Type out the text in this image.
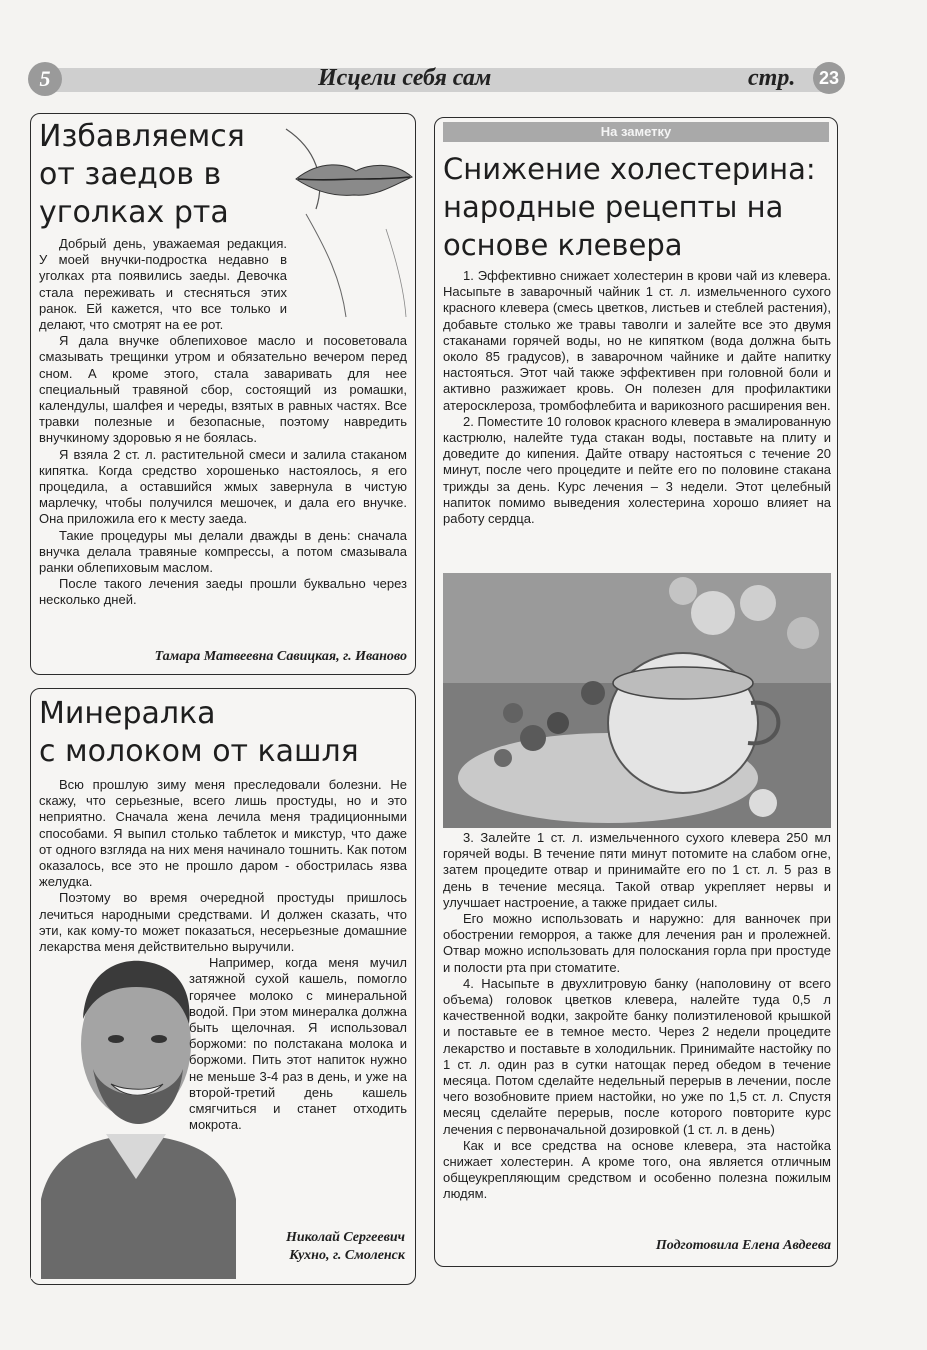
5	Исцели себя сам	стр.	23
Избавляемся
от заедов в
уголках рта

Добрый день, уважаемая редакция. У моей внучки-подростка недавно в уголках рта появились заеды. Девочка стала переживать и стесняться этих ранок. Ей кажется, что все только и делают, что смотрят на ее рот.

Я дала внучке облепиховое масло и посоветовала смазывать трещинки утром и обязательно вечером перед сном. А кроме этого, стала заваривать для нее специальный травяной сбор, состоящий из ромашки, календулы, шалфея и череды, взятых в равных частях. Все травки полезные и безопасные, поэтому навредить внучкиному здоровью я не боялась.

Я взяла 2 ст. л. растительной смеси и залила стаканом кипятка. Когда средство хорошенько настоялось, я его процедила, а оставшийся жмых завернула в чистую марлечку, чтобы получился мешочек, и дала его внучке. Она приложила его к месту заеда.

Такие процедуры мы делали дважды в день: сначала внучка делала травяные компрессы, а потом смазывала ранки облепиховым маслом.

После такого лечения заеды прошли буквально через несколько дней.

Тамара Матвеевна Савицкая, г. Иваново
Минералка
с молоком от кашля

Всю прошлую зиму меня преследовали болезни. Не скажу, что серьезные, всего лишь простуды, но и это неприятно. Сначала жена лечила меня традиционными способами. Я выпил столько таблеток и микстур, что даже от одного взгляда на них меня начинало тошнить. Как потом оказалось, все это не прошло даром - обострилась язва желудка.

Поэтому во время очередной простуды пришлось лечиться народными средствами. И должен сказать, что эти, как кому-то может показаться, несерьезные домашние лекарства меня действительно выручили.

Например, когда меня мучил затяжной сухой кашель, помогло горячее молоко с минеральной водой. При этом минералка должна быть щелочная. Я использовал боржоми: по полстакана молока и боржоми. Пить этот напиток нужно не меньше 3-4 раз в день, и уже на второй-третий день кашель смягчиться и станет отходить мокрота.

Николай Сергеевич
Кухно, г. Смоленск
На заметку
Снижение холестерина:
народные рецепты на
основе клевера

1. Эффективно снижает холестерин в крови чай из клевера. Насыпьте в заварочный чайник 1 ст. л. измельченного сухого красного клевера (смесь цветков, листьев и стеблей растения), добавьте столько же травы таволги и залейте все это двумя стаканами горячей воды, но не кипятком (вода должна быть около 85 градусов), в заварочном чайнике и дайте напитку настояться. Этот чай также эффективен при головной боли и активно разжижает кровь. Он полезен для профилактики атеросклероза, тромбофлебита и варикозного расширения вен.

2. Поместите 10 головок красного клевера в эмалированную кастрюлю, налейте туда стакан воды, поставьте на плиту и доведите до кипения. Дайте отвару настояться с течение 20 минут, после чего процедите и пейте его по половине стакана трижды за день. Курс лечения – 3 недели. Этот целебный напиток помимо выведения холестерина хорошо влияет на работу сердца.

3. Залейте 1 ст. л. измельченного сухого клевера 250 мл горячей воды. В течение пяти минут потомите на слабом огне, затем процедите отвар и принимайте его по 1 ст. л. 5 раз в день в течение месяца. Такой отвар укрепляет нервы и улучшает настроение, а также придает силы.

Его можно использовать и наружно: для ванночек при обострении геморроя, а также для лечения ран и пролежней. Отвар можно использовать для полоскания горла при простуде и полости рта при стоматите.

4. Насыпьте в двухлитровую банку (наполовину от всего объема) головок цветков клевера, налейте туда 0,5 л качественной водки, закройте банку полиэтиленовой крышкой и поставьте ее в темное место. Через 2 недели процедите лекарство и поставьте в холодильник. Принимайте настойку по 1 ст. л. один раз в сутки натощак перед обедом в течение месяца. Потом сделайте недельный перерыв в лечении, после чего возобновите прием настойки, но уже по 1,5 ст. л. Спустя месяц сделайте перерыв, после которого повторите курс лечения с первоначальной дозировкой (1 ст. л. в день)

Как и все средства на основе клевера, эта настойка снижает холестерин. А кроме того, она является отличным общеукрепляющим средством и особенно полезна пожилым людям.

Подготовила Елена Авдеева
